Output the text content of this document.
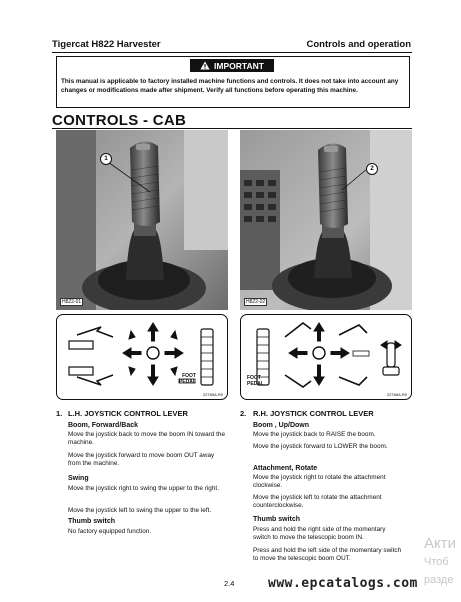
Tigercat H822 Harvester	Controls and operation
IMPORTANT
This manual is applicable to factory installed machine functions and controls. It does not take into account any changes or modifications made after shipment. Verify all functions before operating this machine.
CONTROLS - CAB
1
H822-01
2
H822-02
FOOT
PEDAL
22765A.R0
FOOT
PEDAL
22766A.R0
1. L.H. JOYSTICK CONTROL LEVER
Boom, Forward/Back
Move the joystick back to move the boom IN toward the machine.
Move the joystick forward to move boom OUT away from the machine.
Swing
Move the joystick right to swing the upper to the right.
Move the joystick left to swing the upper to the left.
Thumb switch
No factory equipped function.
2. R.H. JOYSTICK CONTROL LEVER
Boom , Up/Down
Move the joystick back to RAISE the boom.
Move the joystick forward to LOWER the boom.
Attachment, Rotate
Move the joystick right to rotate the attachment clockwise.
Move the joystick left to rotate the attachment counterclockwise.
Thumb switch
Press and hold the right side of the momentary switch to move the telescopic boom IN.
Press and hold the left side of the momentary switch to move the telescopic boom OUT.
2.4	www.epcatalogs.com
Акти
Чтоб
разде
